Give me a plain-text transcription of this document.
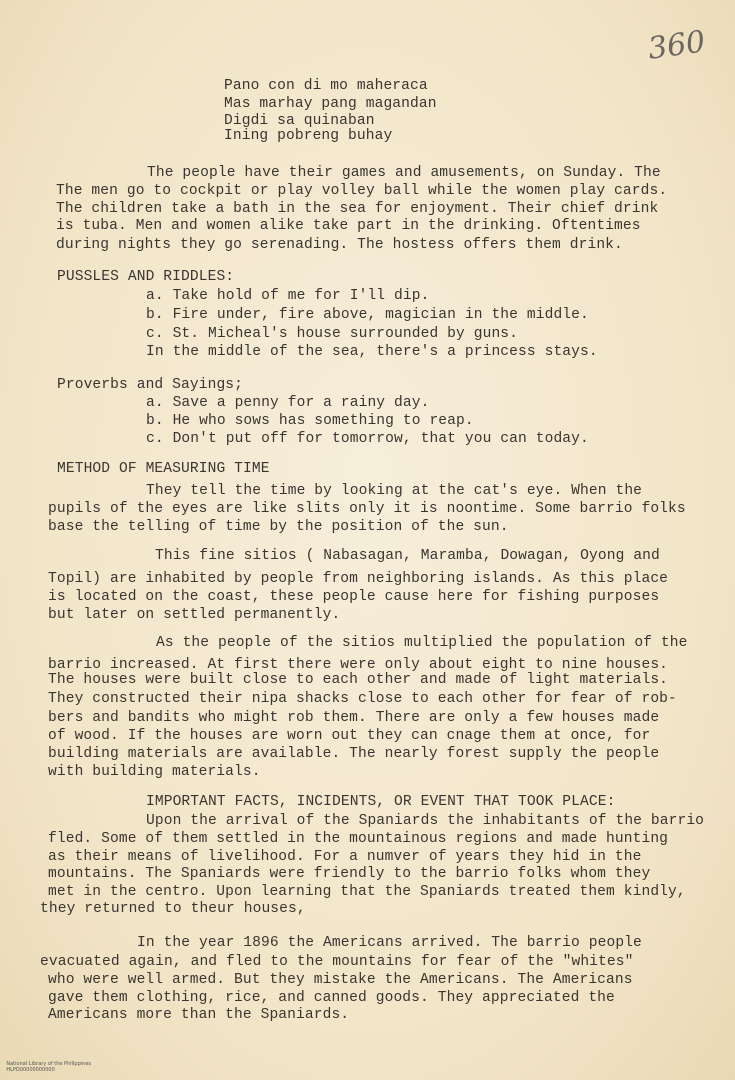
360
Pano con di mo maheraca
Mas marhay pang magandan
Digdi sa quinaban
Ining pobreng buhay
The people have their games and amusements, on Sunday. The
The men go to cockpit or play volley ball while the women play cards.
The children take a bath in the sea for enjoyment. Their chief drink
is tuba. Men and women alike take part in the drinking. Oftentimes
during nights they go serenading. The hostess offers them drink.
PUSSLES AND RIDDLES:
a. Take hold of me for I'll dip.
b. Fire under, fire above, magician in the middle.
c. St. Micheal's house surrounded by guns.
In the middle of the sea, there's a princess stays.
Proverbs and Sayings;
a. Save a penny for a rainy day.
b. He who sows has something to reap.
c. Don't put off for tomorrow, that you can today.
METHOD OF MEASURING TIME
They tell the time by looking at the cat's eye. When the
pupils of the eyes are like slits only it is noontime. Some barrio folks
base the telling of time by the position of the sun.
This fine sitios ( Nabasagan, Maramba, Dowagan, Oyong and
Topil) are inhabited by people from neighboring islands. As this place
is located on the coast, these people cause here for fishing purposes
but later on settled permanently.
As the people of the sitios multiplied the population of the
barrio increased. At first there were only about eight to nine houses.
The houses were built close to each other and made of light materials.
They constructed their nipa shacks close to each other for fear of rob-
bers and bandits who might rob them. There are only a few houses made
of wood. If the houses are worn out they can cnage them at once, for
building materials are available. The nearly forest supply the people
with building materials.
IMPORTANT FACTS, INCIDENTS, OR EVENT THAT TOOK PLACE:
Upon the arrival of the Spaniards the inhabitants of the barrio
fled. Some of them settled in the mountainous regions and made hunting
as their means of livelihood. For a numver of years they hid in the
mountains. The Spaniards were friendly to the barrio folks whom they
met in the centro. Upon learning that the Spaniards treated them kindly,
they returned to theur houses,
In the year 1896 the Americans arrived. The barrio people
evacuated again, and fled to the mountains for fear of the "whites"
who were well armed. But they mistake the Americans. The Americans
gave them clothing, rice, and canned goods. They appreciated the
Americans more than the Spaniards.

National Library of the Philippines
HLPD00000000000
